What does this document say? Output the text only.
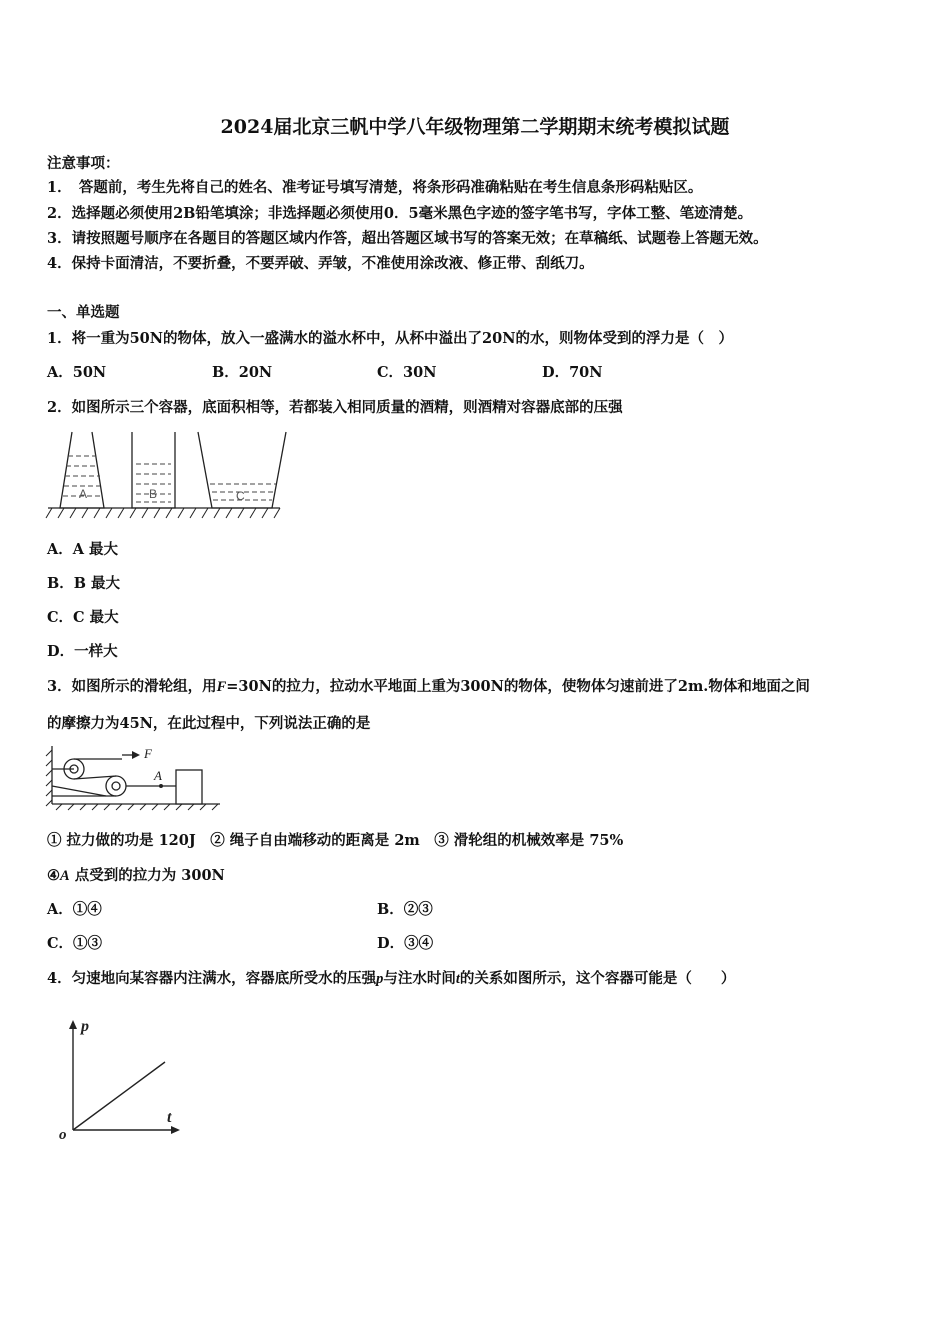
2024届北京三帆中学八年级物理第二学期期末统考模拟试题
注意事项：
1．　答题前，考生先将自己的姓名、准考证号填写清楚，将条形码准确粘贴在考生信息条形码粘贴区。
2．选择题必须使用2B铅笔填涂；非选择题必须使用0．5毫米黑色字迹的签字笔书写，字体工整、笔迹清楚。
3．请按照题号顺序在各题目的答题区域内作答，超出答题区域书写的答案无效；在草稿纸、试题卷上答题无效。
4．保持卡面清洁，不要折叠，不要弄破、弄皱，不准使用涂改液、修正带、刮纸刀。
一、单选题
1．将一重为50N的物体，放入一盛满水的溢水杯中，从杯中溢出了20N的水，则物体受到的浮力是（　）
A．50N	B．20N	C．30N	D．70N
2．如图所示三个容器，底面积相等，若都装入相同质量的酒精，则酒精对容器底部的压强
A	B	C
A．A 最大
B．B 最大
C．C 最大
D．一样大
3．如图所示的滑轮组，用F=30N的拉力，拉动水平地面上重为300N的物体，使物体匀速前进了2m.物体和地面之间
的摩擦力为45N，在此过程中，下列说法正确的是
F
A
① 拉力做的功是 120J　② 绳子自由端移动的距离是 2m　③ 滑轮组的机械效率是 75%
④A 点受到的拉力为 300N
A．①④	B．②③
C．①③	D．③④
4．匀速地向某容器内注满水，容器底所受水的压强p与注水时间t的关系如图所示，这个容器可能是（　　）
p
t
o
